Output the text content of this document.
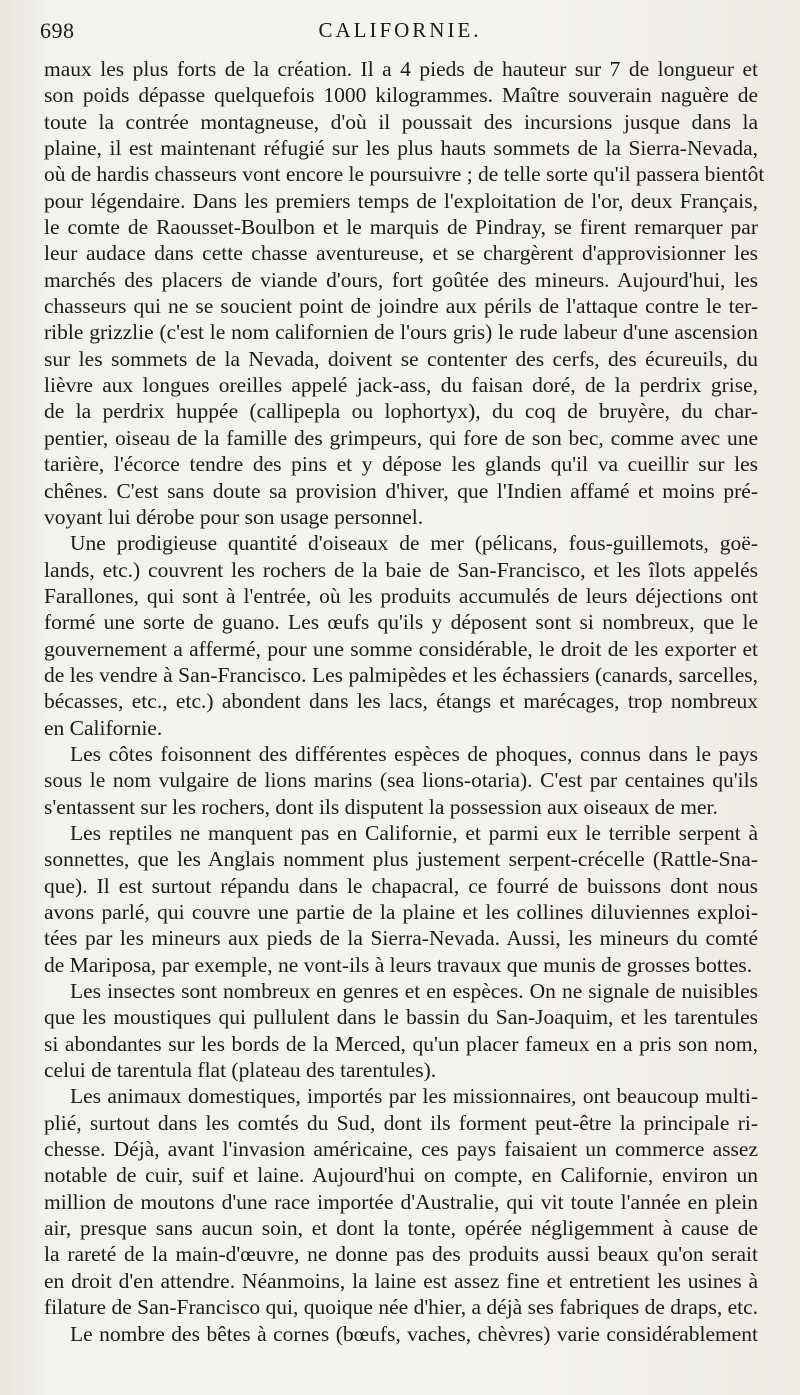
698	CALIFORNIE.
maux les plus forts de la création. Il a 4 pieds de hauteur sur 7 de longueur et
son poids dépasse quelquefois 1000 kilogrammes. Maître souverain naguère de
toute la contrée montagneuse, d'où il poussait des incursions jusque dans la
plaine, il est maintenant réfugié sur les plus hauts sommets de la Sierra-Nevada,
où de hardis chasseurs vont encore le poursuivre ; de telle sorte qu'il passera bientôt
pour légendaire. Dans les premiers temps de l'exploitation de l'or, deux Français,
le comte de Raousset-Boulbon et le marquis de Pindray, se firent remarquer par
leur audace dans cette chasse aventureuse, et se chargèrent d'approvisionner les
marchés des placers de viande d'ours, fort goûtée des mineurs. Aujourd'hui, les
chasseurs qui ne se soucient point de joindre aux périls de l'attaque contre le ter-
rible grizzlie (c'est le nom californien de l'ours gris) le rude labeur d'une ascension
sur les sommets de la Nevada, doivent se contenter des cerfs, des écureuils, du
lièvre aux longues oreilles appelé jack-ass, du faisan doré, de la perdrix grise,
de la perdrix huppée (callipepla ou lophortyx), du coq de bruyère, du char-
pentier, oiseau de la famille des grimpeurs, qui fore de son bec, comme avec une
tarière, l'écorce tendre des pins et y dépose les glands qu'il va cueillir sur les
chênes. C'est sans doute sa provision d'hiver, que l'Indien affamé et moins pré-
voyant lui dérobe pour son usage personnel.
Une prodigieuse quantité d'oiseaux de mer (pélicans, fous-guillemots, goë-
lands, etc.) couvrent les rochers de la baie de San-Francisco, et les îlots appelés
Farallones, qui sont à l'entrée, où les produits accumulés de leurs déjections ont
formé une sorte de guano. Les œufs qu'ils y déposent sont si nombreux, que le
gouvernement a affermé, pour une somme considérable, le droit de les exporter et
de les vendre à San-Francisco. Les palmipèdes et les échassiers (canards, sarcelles,
bécasses, etc., etc.) abondent dans les lacs, étangs et marécages, trop nombreux
en Californie.
Les côtes foisonnent des différentes espèces de phoques, connus dans le pays
sous le nom vulgaire de lions marins (sea lions-otaria). C'est par centaines qu'ils
s'entassent sur les rochers, dont ils disputent la possession aux oiseaux de mer.
Les reptiles ne manquent pas en Californie, et parmi eux le terrible serpent à
sonnettes, que les Anglais nomment plus justement serpent-crécelle (Rattle-Sna-
que). Il est surtout répandu dans le chapacral, ce fourré de buissons dont nous
avons parlé, qui couvre une partie de la plaine et les collines diluviennes exploi-
tées par les mineurs aux pieds de la Sierra-Nevada. Aussi, les mineurs du comté
de Mariposa, par exemple, ne vont-ils à leurs travaux que munis de grosses bottes.
Les insectes sont nombreux en genres et en espèces. On ne signale de nuisibles
que les moustiques qui pullulent dans le bassin du San-Joaquim, et les tarentules
si abondantes sur les bords de la Merced, qu'un placer fameux en a pris son nom,
celui de tarentula flat (plateau des tarentules).
Les animaux domestiques, importés par les missionnaires, ont beaucoup multi-
plié, surtout dans les comtés du Sud, dont ils forment peut-être la principale ri-
chesse. Déjà, avant l'invasion américaine, ces pays faisaient un commerce assez
notable de cuir, suif et laine. Aujourd'hui on compte, en Californie, environ un
million de moutons d'une race importée d'Australie, qui vit toute l'année en plein
air, presque sans aucun soin, et dont la tonte, opérée négligemment à cause de
la rareté de la main-d'œuvre, ne donne pas des produits aussi beaux qu'on serait
en droit d'en attendre. Néanmoins, la laine est assez fine et entretient les usines à
filature de San-Francisco qui, quoique née d'hier, a déjà ses fabriques de draps, etc.
Le nombre des bêtes à cornes (bœufs, vaches, chèvres) varie considérablement
